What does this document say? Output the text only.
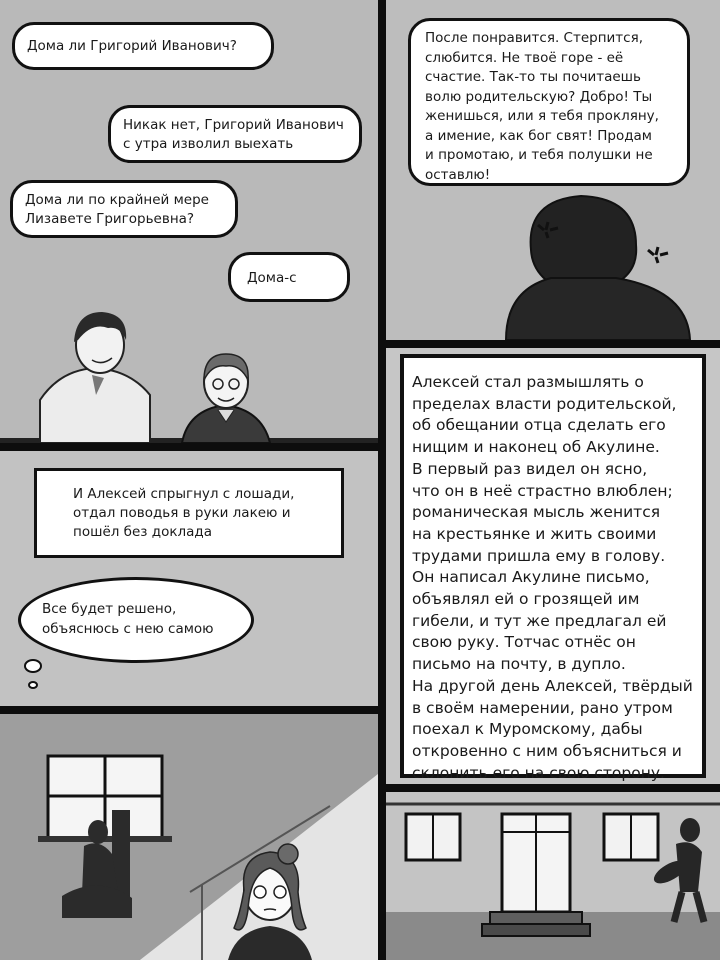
Дома ли Григорий Иванович?
Никак нет, Григорий Иванович
с утра изволил выехать
Дома ли по крайней мере
Лизавете Григорьевна?
Дома-с
После понравится. Стерпится,
слюбится. Не твоё горе - её
счастие. Так-то ты почитаешь
волю родительскую? Добро! Ты
женишься, или я тебя прокляну,
а имение, как бог свят! Продам
и промотаю, и тебя полушки не
оставлю!
И Алексей спрыгнул с лошади,
отдал поводья в руки лакею и
пошёл без доклада
Все будет решено,
объяснюсь с нею самою
Алексей стал размышлять о
пределах власти родительской,
об обещании отца сделать его
нищим и наконец об Акулине.
В первый раз видел он ясно,
что он в неё страстно влюблен;
романическая мысль женится
на крестьянке и жить своими
трудами пришла ему в голову.
Он написал Акулине письмо,
объявлял ей о грозящей им
гибели, и тут же предлагал ей
свою руку. Тотчас отнёс он
письмо на почту, в дупло.
На другой день Алексей, твёрдый
в своём намерении, рано утром
поехал к Муромскому, дабы
откровенно с ним объясниться и
склонить его на свою сторону.
